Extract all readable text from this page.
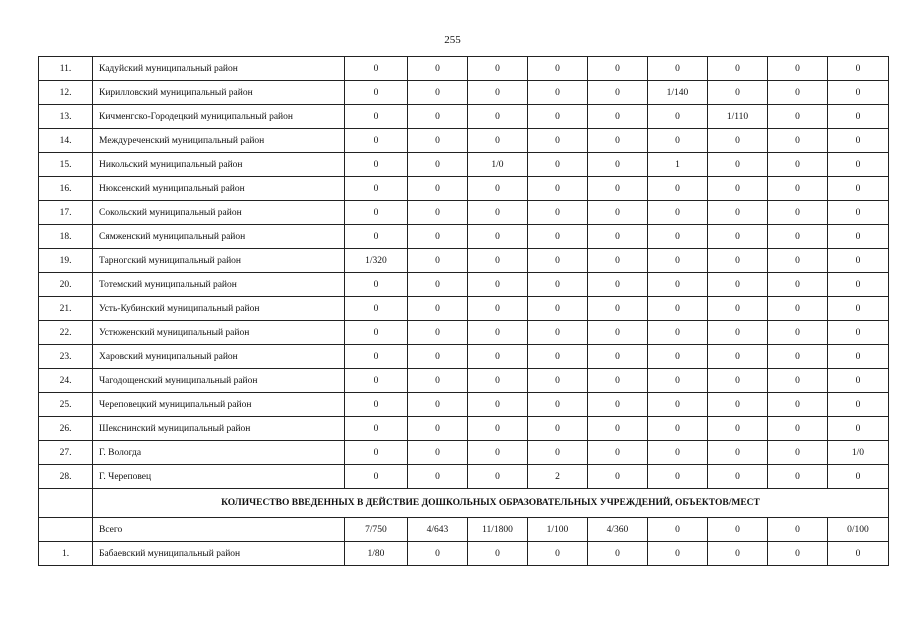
255
11.	Кадуйский муниципальный район	0	0	0	0	0	0	0	0	0
12.	Кирилловский муниципальный район	0	0	0	0	0	1/140	0	0	0
13.	Кичменгско-Городецкий муниципальный район	0	0	0	0	0	0	1/110	0	0
14.	Междуреченский муниципальный район	0	0	0	0	0	0	0	0	0
15.	Никольский муниципальный район	0	0	1/0	0	0	1	0	0	0
16.	Нюксенский муниципальный район	0	0	0	0	0	0	0	0	0
17.	Сокольский муниципальный район	0	0	0	0	0	0	0	0	0
18.	Сямженский муниципальный район	0	0	0	0	0	0	0	0	0
19.	Тарногский муниципальный район	1/320	0	0	0	0	0	0	0	0
20.	Тотемский муниципальный район	0	0	0	0	0	0	0	0	0
21.	Усть-Кубинский муниципальный район	0	0	0	0	0	0	0	0	0
22.	Устюженский муниципальный район	0	0	0	0	0	0	0	0	0
23.	Харовский муниципальный район	0	0	0	0	0	0	0	0	0
24.	Чагодощенский муниципальный район	0	0	0	0	0	0	0	0	0
25.	Череповецкий муниципальный район	0	0	0	0	0	0	0	0	0
26.	Шекснинский муниципальный район	0	0	0	0	0	0	0	0	0
27.	Г. Вологда	0	0	0	0	0	0	0	0	1/0
28.	Г. Череповец	0	0	0	2	0	0	0	0	0
	КОЛИЧЕСТВО ВВЕДЕННЫХ В ДЕЙСТВИЕ ДОШКОЛЬНЫХ ОБРАЗОВАТЕЛЬНЫХ УЧРЕЖДЕНИЙ, ОБЪЕКТОВ/МЕСТ									
	Всего	7/750	4/643	11/1800	1/100	4/360	0	0	0	0/100
1.	Бабаевский муниципальный район	1/80	0	0	0	0	0	0	0	0
